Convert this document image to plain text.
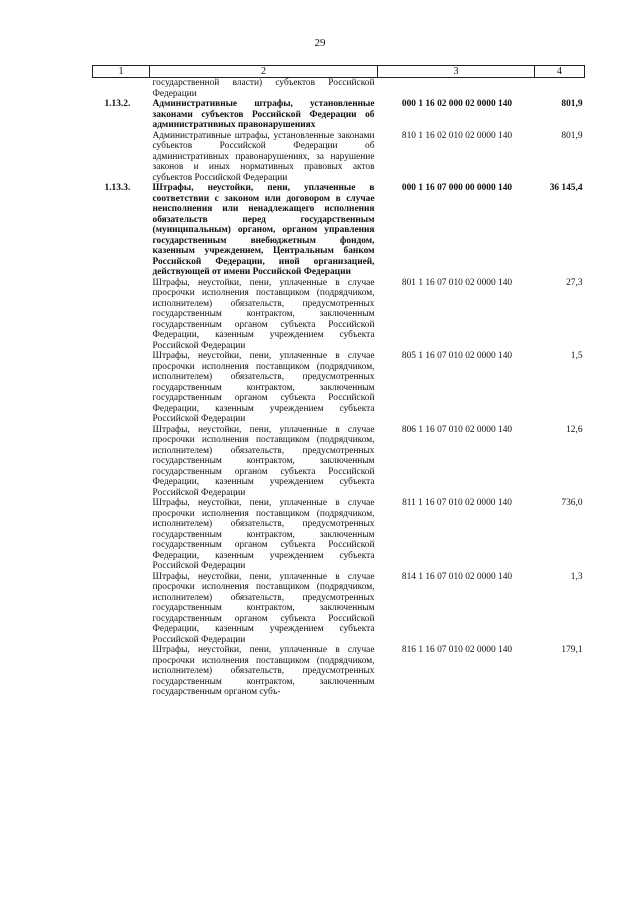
29
1	2	3	4
	государственной власти) субъектов Российской Федерации		
1.13.2.	Административные штрафы, установленные законами субъектов Российской Федерации об административных правонарушениях	000 1 16 02 000 02 0000 140	801,9
	Административные штрафы, установленные законами субъектов Российской Федерации об административных правонарушениях, за нарушение законов и иных нормативных правовых актов субъектов Российской Федерации	810 1 16 02 010 02 0000 140	801,9
1.13.3.	Штрафы, неустойки, пени, уплаченные в соответствии с законом или договором в случае неисполнения или ненадлежащего исполнения обязательств перед государственным (муниципальным) органом, органом управления государственным внебюджетным фондом, казенным учреждением, Центральным банком Российской Федерации, иной организацией, действующей от имени Российской Федерации	000 1 16 07 000 00 0000 140	36 145,4
	Штрафы, неустойки, пени, уплаченные в случае просрочки исполнения поставщиком (подрядчиком, исполнителем) обязательств, предусмотренных государственным контрактом, заключенным государственным органом субъекта Российской Федерации, казенным учреждением субъекта Российской Федерации	801 1 16 07 010 02 0000 140	27,3
	Штрафы, неустойки, пени, уплаченные в случае просрочки исполнения поставщиком (подрядчиком, исполнителем) обязательств, предусмотренных государственным контрактом, заключенным государственным органом субъекта Российской Федерации, казенным учреждением субъекта Российской Федерации	805 1 16 07 010 02 0000 140	1,5
	Штрафы, неустойки, пени, уплаченные в случае просрочки исполнения поставщиком (подрядчиком, исполнителем) обязательств, предусмотренных государственным контрактом, заключенным государственным органом субъекта Российской Федерации, казенным учреждением субъекта Российской Федерации	806 1 16 07 010 02 0000 140	12,6
	Штрафы, неустойки, пени, уплаченные в случае просрочки исполнения поставщиком (подрядчиком, исполнителем) обязательств, предусмотренных государственным контрактом, заключенным государственным органом субъекта Российской Федерации, казенным учреждением субъекта Российской Федерации	811 1 16 07 010 02 0000 140	736,0
	Штрафы, неустойки, пени, уплаченные в случае просрочки исполнения поставщиком (подрядчиком, исполнителем) обязательств, предусмотренных государственным контрактом, заключенным государственным органом субъекта Российской Федерации, казенным учреждением субъекта Российской Федерации	814 1 16 07 010 02 0000 140	1,3
	Штрафы, неустойки, пени, уплаченные в случае просрочки исполнения поставщиком (подрядчиком, исполнителем) обязательств, предусмотренных государственным контрактом, заключенным государственным органом субъ-	816 1 16 07 010 02 0000 140	179,1
